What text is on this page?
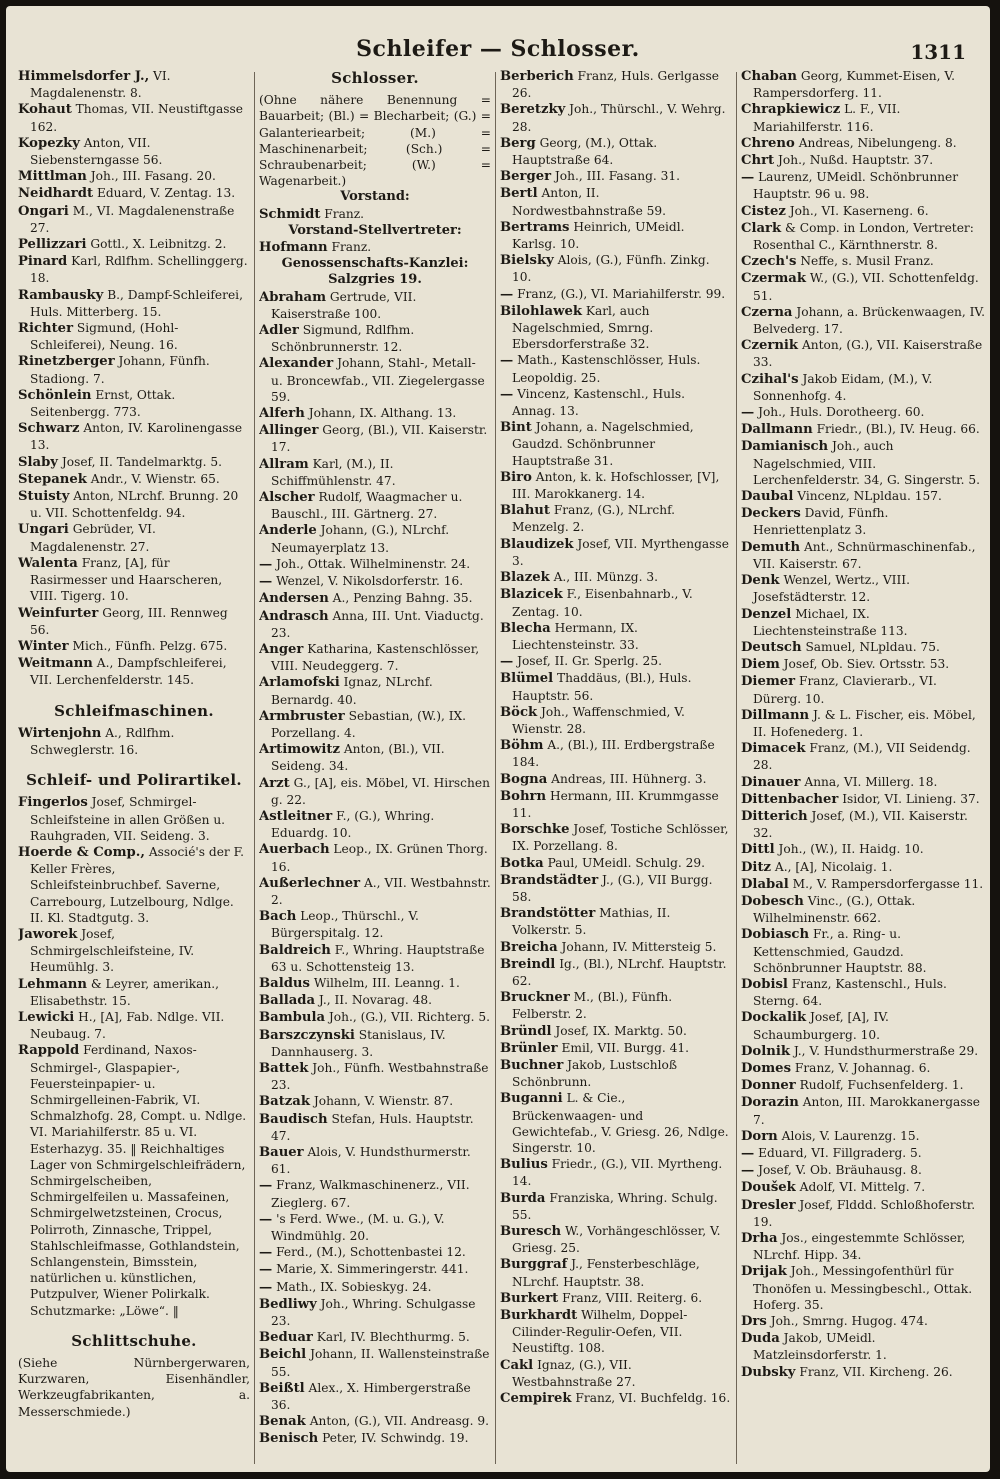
Schleifer — Schlosser.	1311

Himmelsdorfer J., VI. Magdalenenstr. 8.

Kohaut Thomas, VII. Neustiftgasse 162.

Kopezky Anton, VII. Siebensterngasse 56.

Mittlman Joh., III. Fasang. 20.

Neidhardt Eduard, V. Zentag. 13.

Ongari M., VI. Magdalenenstraße 27.

Pellizzari Gottl., X. Leibnitzg. 2.

Pinard Karl, Rdlfhm. Schellinggerg. 18.

Rambausky B., Dampf-Schleiferei, Huls. Mitterberg. 15.

Richter Sigmund, (Hohl-Schleiferei), Neung. 16.

Rinetzberger Johann, Fünfh. Stadiong. 7.

Schönlein Ernst, Ottak. Seitenbergg. 773.

Schwarz Anton, IV. Karolinengasse 13.

Slaby Josef, II. Tandelmarktg. 5.

Stepanek Andr., V. Wienstr. 65.

Stuisty Anton, NLrchf. Brunng. 20 u. VII. Schottenfeldg. 94.

Ungari Gebrüder, VI. Magdalenenstr. 27.

Walenta Franz, [A], für Rasirmesser und Haarscheren, VIII. Tigerg. 10.

Weinfurter Georg, III. Rennweg 56.

Winter Mich., Fünfh. Pelzg. 675.

Weitmann A., Dampfschleiferei, VII. Lerchenfelderstr. 145.

Schleifmaschinen.

Wirtenjohn A., Rdlfhm. Schweglerstr. 16.

Schleif- und Polirartikel.

Fingerlos Josef, Schmirgel-Schleifsteine in allen Größen u. Rauhgraden, VII. Seideng. 3.

Hoerde & Comp., Associé's der F. Keller Frères, Schleifsteinbruchbef. Saverne, Carrebourg, Lutzelbourg, Ndlge. II. Kl. Stadtgutg. 3.

Jaworek Josef, Schmirgelschleifsteine, IV. Heumühlg. 3.

Lehmann & Leyrer, amerikan., Elisabethstr. 15.

Lewicki H., [A], Fab. Ndlge. VII. Neubaug. 7.

Rappold Ferdinand, Naxos-Schmirgel-, Glaspapier-, Feuersteinpapier- u. Schmirgelleinen-Fabrik, VI. Schmalzhofg. 28, Compt. u. Ndlge. VI. Mariahilferstr. 85 u. VI. Esterhazyg. 35. ‖ Reichhaltiges Lager von Schmirgelschleifrädern, Schmirgelscheiben, Schmirgelfeilen u. Massafeinen, Schmirgelwetzsteinen, Crocus, Polirroth, Zinnasche, Trippel, Stahlschleifmasse, Gothlandstein, Schlangenstein, Bimsstein, natürlichen u. künstlichen, Putzpulver, Wiener Polirkalk. Schutzmarke: „Löwe“. ‖

Schlittschuhe.

(Siehe Nürnbergerwaren, Kurzwaren, Eisenhändler, Werkzeugfabrikanten, a. Messerschmiede.)

Schlosser.

(Ohne nähere Benennung = Bauarbeit; (Bl.) = Blecharbeit; (G.) = Galanteriearbeit; (M.) = Maschinenarbeit; (Sch.) = Schraubenarbeit; (W.) = Wagenarbeit.)

Vorstand:

Schmidt Franz.

Vorstand-Stellvertreter:

Hofmann Franz.

Genossenschafts-Kanzlei:
Salzgries 19.

Abraham Gertrude, VII. Kaiserstraße 100.

Adler Sigmund, Rdlfhm. Schönbrunnerstr. 12.

Alexander Johann, Stahl-, Metall- u. Broncewfab., VII. Ziegelergasse 59.

Alferh Johann, IX. Althang. 13.

Allinger Georg, (Bl.), VII. Kaiserstr. 17.

Allram Karl, (M.), II. Schiffmühlenstr. 47.

Alscher Rudolf, Waagmacher u. Bauschl., III. Gärtnerg. 27.

Anderle Johann, (G.), NLrchf. Neumayerplatz 13.

— Joh., Ottak. Wilhelminenstr. 24.

— Wenzel, V. Nikolsdorferstr. 16.

Andersen A., Penzing Bahng. 35.

Andrasch Anna, III. Unt. Viaductg. 23.

Anger Katharina, Kastenschlösser, VIII. Neudeggerg. 7.

Arlamofski Ignaz, NLrchf. Bernardg. 40.

Armbruster Sebastian, (W.), IX. Porzellang. 4.

Artimowitz Anton, (Bl.), VII. Seideng. 34.

Arzt G., [A], eis. Möbel, VI. Hirschen g. 22.

Astleitner F., (G.), Whring. Eduardg. 10.

Auerbach Leop., IX. Grünen Thorg. 16.

Außerlechner A., VII. Westbahnstr. 2.

Bach Leop., Thürschl., V. Bürgerspitalg. 12.

Baldreich F., Whring. Hauptstraße 63 u. Schottensteig 13.

Baldus Wilhelm, III. Leanng. 1.

Ballada J., II. Novarag. 48.

Bambula Joh., (G.), VII. Richterg. 5.

Barszczynski Stanislaus, IV. Dannhauserg. 3.

Battek Joh., Fünfh. Westbahnstraße 23.

Batzak Johann, V. Wienstr. 87.

Baudisch Stefan, Huls. Hauptstr. 47.

Bauer Alois, V. Hundsthurmerstr. 61.

— Franz, Walkmaschinenerz., VII. Zieglerg. 67.

— 's Ferd. Wwe., (M. u. G.), V. Windmühlg. 20.

— Ferd., (M.), Schottenbastei 12.

— Marie, X. Simmeringerstr. 441.

— Math., IX. Sobieskyg. 24.

Bedliwy Joh., Whring. Schulgasse 23.

Beduar Karl, IV. Blechthurmg. 5.

Beichl Johann, II. Wallensteinstraße 55.

Beißtl Alex., X. Himbergerstraße 36.

Benak Anton, (G.), VII. Andreasg. 9.

Benisch Peter, IV. Schwindg. 19.

Berberich Franz, Huls. Gerlgasse 26.

Beretzky Joh., Thürschl., V. Wehrg. 28.

Berg Georg, (M.), Ottak. Hauptstraße 64.

Berger Joh., III. Fasang. 31.

Bertl Anton, II. Nordwestbahnstraße 59.

Bertrams Heinrich, UMeidl. Karlsg. 10.

Bielsky Alois, (G.), Fünfh. Zinkg. 10.

— Franz, (G.), VI. Mariahilferstr. 99.

Bilohlawek Karl, auch Nagelschmied, Smrng. Ebersdorferstraße 32.

— Math., Kastenschlösser, Huls. Leopoldig. 25.

— Vincenz, Kastenschl., Huls. Annag. 13.

Bint Johann, a. Nagelschmied, Gaudzd. Schönbrunner Hauptstraße 31.

Biro Anton, k. k. Hofschlosser, [V], III. Marokkanerg. 14.

Blahut Franz, (G.), NLrchf. Menzelg. 2.

Blaudizek Josef, VII. Myrthengasse 3.

Blazek A., III. Münzg. 3.

Blazicek F., Eisenbahnarb., V. Zentag. 10.

Blecha Hermann, IX. Liechtensteinstr. 33.

— Josef, II. Gr. Sperlg. 25.

Blümel Thaddäus, (Bl.), Huls. Hauptstr. 56.

Böck Joh., Waffenschmied, V. Wienstr. 28.

Böhm A., (Bl.), III. Erdbergstraße 184.

Bogna Andreas, III. Hühnerg. 3.

Bohrn Hermann, III. Krummgasse 11.

Borschke Josef, Tostiche Schlösser, IX. Porzellang. 8.

Botka Paul, UMeidl. Schulg. 29.

Brandstädter J., (G.), VII Burgg. 58.

Brandstötter Mathias, II. Volkerstr. 5.

Breicha Johann, IV. Mittersteig 5.

Breindl Ig., (Bl.), NLrchf. Hauptstr. 62.

Bruckner M., (Bl.), Fünfh. Felberstr. 2.

Bründl Josef, IX. Marktg. 50.

Brünler Emil, VII. Burgg. 41.

Buchner Jakob, Lustschloß Schönbrunn.

Buganni L. & Cie., Brückenwaagen- und Gewichtefab., V. Griesg. 26, Ndlge. Singerstr. 10.

Bulius Friedr., (G.), VII. Myrtheng. 14.

Burda Franziska, Whring. Schulg. 55.

Buresch W., Vorhängeschlösser, V. Griesg. 25.

Burggraf J., Fensterbeschläge, NLrchf. Hauptstr. 38.

Burkert Franz, VIII. Reiterg. 6.

Burkhardt Wilhelm, Doppel-Cilinder-Regulir-Oefen, VII. Neustiftg. 108.

Cakl Ignaz, (G.), VII. Westbahnstraße 27.

Cempirek Franz, VI. Buchfeldg. 16.

Chaban Georg, Kummet-Eisen, V. Rampersdorferg. 11.

Chrapkiewicz L. F., VII. Mariahilferstr. 116.

Chreno Andreas, Nibelungeng. 8.

Chrt Joh., Nußd. Hauptstr. 37.

— Laurenz, UMeidl. Schönbrunner Hauptstr. 96 u. 98.

Cistez Joh., VI. Kaserneng. 6.

Clark & Comp. in London, Vertreter: Rosenthal C., Kärnthnerstr. 8.

Czech's Neffe, s. Musil Franz.

Czermak W., (G.), VII. Schottenfeldg. 51.

Czerna Johann, a. Brückenwaagen, IV. Belvederg. 17.

Czernik Anton, (G.), VII. Kaiserstraße 33.

Czihal's Jakob Eidam, (M.), V. Sonnenhofg. 4.

— Joh., Huls. Dorotheerg. 60.

Dallmann Friedr., (Bl.), IV. Heug. 66.

Damianisch Joh., auch Nagelschmied, VIII. Lerchenfelderstr. 34, G. Singerstr. 5.

Daubal Vincenz, NLpldau. 157.

Deckers David, Fünfh. Henriettenplatz 3.

Demuth Ant., Schnürmaschinenfab., VII. Kaiserstr. 67.

Denk Wenzel, Wertz., VIII. Josefstädterstr. 12.

Denzel Michael, IX. Liechtensteinstraße 113.

Deutsch Samuel, NLpldau. 75.

Diem Josef, Ob. Siev. Ortsstr. 53.

Diemer Franz, Clavierarb., VI. Dürerg. 10.

Dillmann J. & L. Fischer, eis. Möbel, II. Hofenederg. 1.

Dimacek Franz, (M.), VII Seidendg. 28.

Dinauer Anna, VI. Millerg. 18.

Dittenbacher Isidor, VI. Linieng. 37.

Ditterich Josef, (M.), VII. Kaiserstr. 32.

Dittl Joh., (W.), II. Haidg. 10.

Ditz A., [A], Nicolaig. 1.

Dlabal M., V. Rampersdorfergasse 11.

Dobesch Vinc., (G.), Ottak. Wilhelminenstr. 662.

Dobiasch Fr., a. Ring- u. Kettenschmied, Gaudzd. Schönbrunner Hauptstr. 88.

Dobisl Franz, Kastenschl., Huls. Sterng. 64.

Dockalik Josef, [A], IV. Schaumburgerg. 10.

Dolnik J., V. Hundsthurmerstraße 29.

Domes Franz, V. Johannag. 6.

Donner Rudolf, Fuchsenfelderg. 1.

Dorazin Anton, III. Marokkanergasse 7.

Dorn Alois, V. Laurenzg. 15.

— Eduard, VI. Fillgraderg. 5.

— Josef, V. Ob. Bräuhausg. 8.

Doušek Adolf, VI. Mittelg. 7.

Dresler Josef, Flddd. Schloßhoferstr. 19.

Drha Jos., eingestemmte Schlösser, NLrchf. Hipp. 34.

Drijak Joh., Messingofenthürl für Thonöfen u. Messingbeschl., Ottak. Hoferg. 35.

Drs Joh., Smrng. Hugog. 474.

Duda Jakob, UMeidl. Matzleinsdorferstr. 1.

Dubsky Franz, VII. Kircheng. 26.
